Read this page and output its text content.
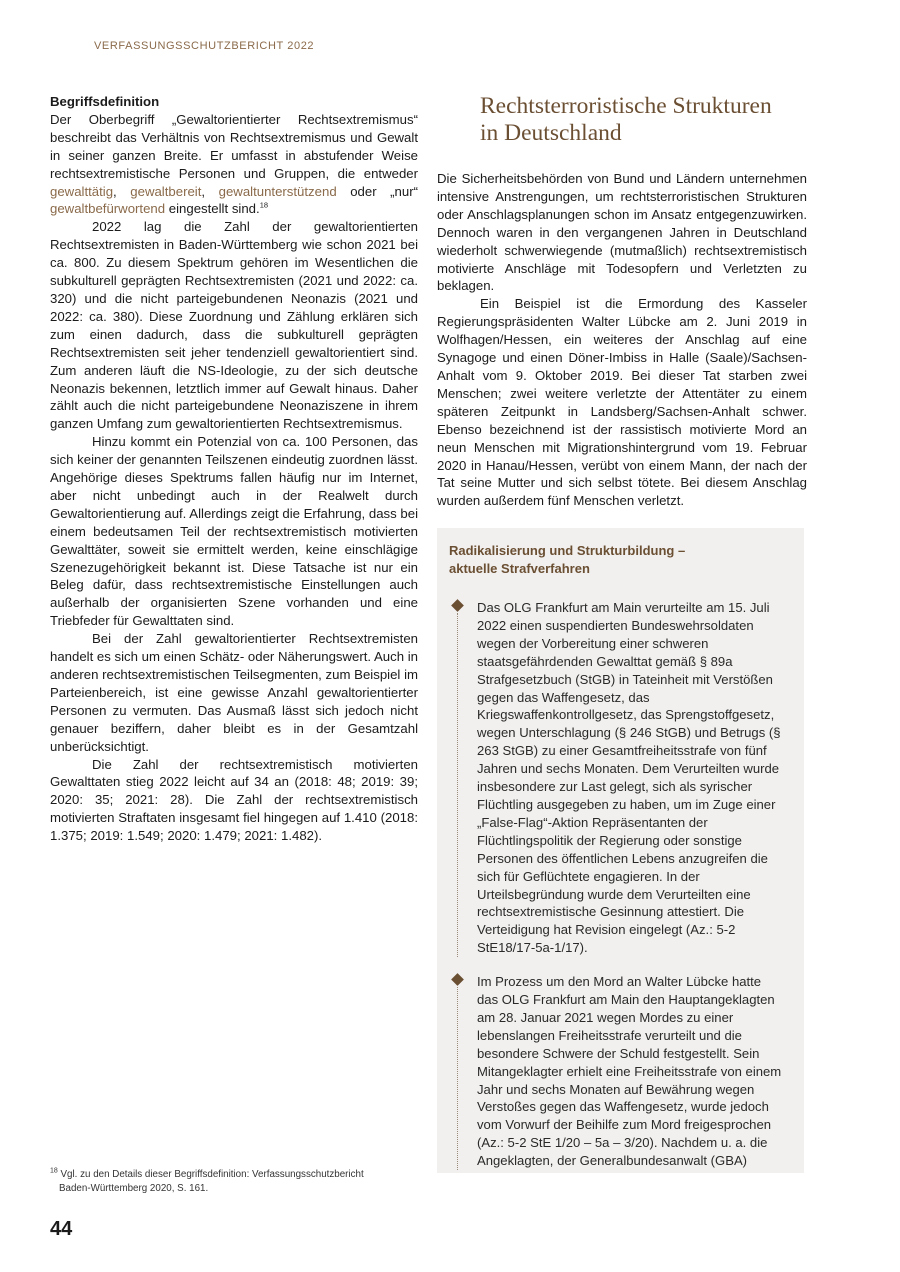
VERFASSUNGSSCHUTZBERICHT 2022

Begriffsdefinition
Der Oberbegriff „Gewaltorientierter Rechtsextremismus“ beschreibt das Verhältnis von Rechtsextremismus und Gewalt in seiner ganzen Breite. Er umfasst in abstufender Weise rechtsextremistische Personen und Gruppen, die entweder gewalttätig, gewaltbereit, gewaltunterstützend oder „nur“ gewaltbefürwortend eingestellt sind.$^{18}$

2022 lag die Zahl der gewaltorientierten Rechtsextremisten in Baden-Württemberg wie schon 2021 bei ca. 800. Zu diesem Spektrum gehören im Wesentlichen die subkulturell geprägten Rechtsextremisten (2021 und 2022: ca. 320) und die nicht parteigebundenen Neonazis (2021 und 2022: ca. 380). Diese Zuordnung und Zählung erklären sich zum einen dadurch, dass die subkulturell geprägten Rechtsextremisten seit jeher tendenziell gewaltorientiert sind. Zum anderen läuft die NS-Ideologie, zu der sich deutsche Neonazis bekennen, letztlich immer auf Gewalt hinaus. Daher zählt auch die nicht parteigebundene Neonaziszene in ihrem ganzen Umfang zum gewaltorientierten Rechtsextremismus.

Hinzu kommt ein Potenzial von ca. 100 Personen, das sich keiner der genannten Teilszenen eindeutig zuordnen lässt. Angehörige dieses Spektrums fallen häufig nur im Internet, aber nicht unbedingt auch in der Realwelt durch Gewaltorientierung auf. Allerdings zeigt die Erfahrung, dass bei einem bedeutsamen Teil der rechtsextremistisch motivierten Gewalttäter, soweit sie ermittelt werden, keine einschlägige Szenezugehörigkeit bekannt ist. Diese Tatsache ist nur ein Beleg dafür, dass rechtsextremistische Einstellungen auch außerhalb der organisierten Szene vorhanden und eine Triebfeder für Gewalttaten sind.

Bei der Zahl gewaltorientierter Rechtsextremisten handelt es sich um einen Schätz- oder Näherungswert. Auch in anderen rechtsextremistischen Teilsegmenten, zum Beispiel im Parteienbereich, ist eine gewisse Anzahl gewaltorientierter Personen zu vermuten. Das Ausmaß lässt sich jedoch nicht genauer beziffern, daher bleibt es in der Gesamtzahl unberücksichtigt.

Die Zahl der rechtsextremistisch motivierten Gewalttaten stieg 2022 leicht auf 34 an (2018: 48; 2019: 39; 2020: 35; 2021: 28). Die Zahl der rechtsextremistisch motivierten Straftaten insgesamt fiel hingegen auf 1.410 (2018: 1.375; 2019: 1.549; 2020: 1.479; 2021: 1.482).

Rechtsterroristische Strukturen
in Deutschland

Die Sicherheitsbehörden von Bund und Ländern unternehmen intensive Anstrengungen, um rechtsterroristischen Strukturen oder Anschlagsplanungen schon im Ansatz entgegenzuwirken. Dennoch waren in den vergangenen Jahren in Deutschland wiederholt schwerwiegende (mutmaßlich) rechtsextremistisch motivierte Anschläge mit Todesopfern und Verletzten zu beklagen.

Ein Beispiel ist die Ermordung des Kasseler Regierungspräsidenten Walter Lübcke am 2. Juni 2019 in Wolfhagen/Hessen, ein weiteres der Anschlag auf eine Synagoge und einen Döner-Imbiss in Halle (Saale)/Sachsen-Anhalt vom 9. Oktober 2019. Bei dieser Tat starben zwei Menschen; zwei weitere verletzte der Attentäter zu einem späteren Zeitpunkt in Landsberg/Sachsen-Anhalt schwer. Ebenso bezeichnend ist der rassistisch motivierte Mord an neun Menschen mit Migrationshintergrund vom 19. Februar 2020 in Hanau/Hessen, verübt von einem Mann, der nach der Tat seine Mutter und sich selbst tötete. Bei diesem Anschlag wurden außerdem fünf Menschen verletzt.

Radikalisierung und Strukturbildung –
aktuelle Strafverfahren

Das OLG Frankfurt am Main verurteilte am 15. Juli 2022 einen suspendierten Bundeswehrsoldaten wegen der Vorbereitung einer schweren staatsgefährdenden Gewalttat gemäß § 89a Strafgesetzbuch (StGB) in Tateinheit mit Verstößen gegen das Waffengesetz, das Kriegswaffenkontrollgesetz, das Sprengstoffgesetz, wegen Unterschlagung (§ 246 StGB) und Betrugs (§ 263 StGB) zu einer Gesamtfreiheitsstrafe von fünf Jahren und sechs Monaten. Dem Verurteilten wurde insbesondere zur Last gelegt, sich als syrischer Flüchtling ausgegeben zu haben, um im Zuge einer „False-Flag“-Aktion Repräsentanten der Flüchtlingspolitik der Regierung oder sonstige Personen des öffentlichen Lebens anzugreifen die sich für Geflüchtete engagieren. In der Urteilsbegründung wurde dem Verurteilten eine rechtsextremistische Gesinnung attestiert. Die Verteidigung hat Revision eingelegt (Az.: 5-2 StE18/17-5a-1/17).

Im Prozess um den Mord an Walter Lübcke hatte das OLG Frankfurt am Main den Hauptangeklagten am 28. Januar 2021 wegen Mordes zu einer lebenslangen Freiheitsstrafe verurteilt und die besondere Schwere der Schuld festgestellt. Sein Mitangeklagter erhielt eine Freiheitsstrafe von einem Jahr und sechs Monaten auf Bewährung wegen Verstoßes gegen das Waffengesetz, wurde jedoch vom Vorwurf der Beihilfe zum Mord freigesprochen (Az.: 5-2 StE 1/20 – 5a – 3/20). Nachdem u. a. die Angeklagten, der Generalbundesanwalt (GBA)

$^{18}$ Vgl. zu den Details dieser Begriffsdefinition: Verfassungsschutzbericht
Baden-Württemberg 2020, S. 161.
44
